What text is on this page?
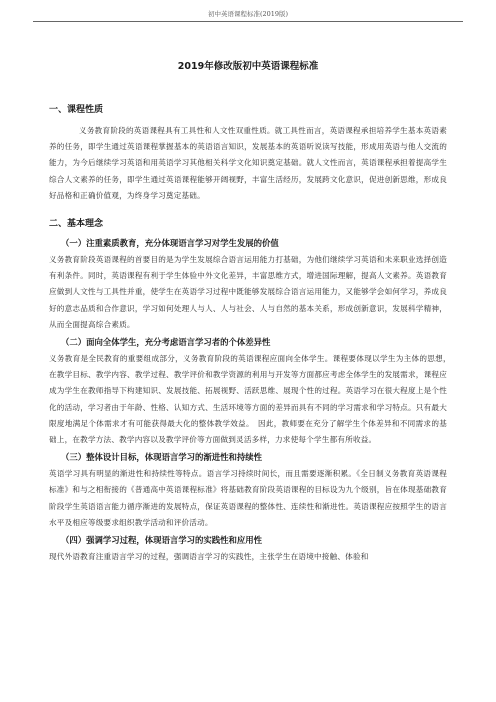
初中英语课程标准(2019版)
2019年修改版初中英语课程标准
一、课程性质

义务教育阶段的英语课程具有工具性和人文性双重性质。就工具性而言，英语课程承担培养学生基本英语素养的任务，即学生通过英语课程掌握基本的英语语言知识，发展基本的英语听说读写技能，形成用英语与他人交流的能力，为今后继续学习英语和用英语学习其他相关科学文化知识奠定基础。就人文性而言，英语课程承担着提高学生综合人文素养的任务，即学生通过英语课程能够开阔视野，丰富生活经历，发展跨文化意识，促进创新思维，形成良好品格和正确价值观，为终身学习奠定基础。

二、基本理念
（一）注重素质教育，充分体现语言学习对学生发展的价值

义务教育阶段英语课程的首要目的是为学生发展综合语言运用能力打基础，为他们继续学习英语和未来职业选择创造有利条件。同时，英语课程有利于学生体验中外文化差异，丰富思维方式，增进国际理解，提高人文素养。英语教育应做到人文性与工具性并重，使学生在英语学习过程中既能够发展综合语言运用能力，又能够学会如何学习，养成良好的意志品质和合作意识，学习如何处理人与人、人与社会、人与自然的基本关系，形成创新意识，发展科学精神，从而全面提高综合素质。

（二）面向全体学生，充分考虑语言学习者的个体差异性

义务教育是全民教育的重要组成部分，义务教育阶段的英语课程应面向全体学生。课程要体现以学生为主体的思想，　在教学目标、教学内容、教学过程、教学评价和教学资源的利用与开发等方面都应考虑全体学生的发展需求，课程应成为学生在教师指导下构建知识、发展技能、拓展视野、活跃思维、展现个性的过程。英语学习在很大程度上是个性化的活动，学习者由于年龄、性格、认知方式、生活环境等方面的差异而具有不同的学习需求和学习特点。只有最大限度地满足个体需求才有可能获得最大化的整体教学效益。　因此，教师要在充分了解学生个体差异和不同需求的基础上，在教学方法、教学内容以及教学评价等方面做到灵活多样，力求使每个学生都有所收益。

（三）整体设计目标，体现语言学习的渐进性和持续性

英语学习具有明显的渐进性和持续性等特点。语言学习持续时间长，而且需要逐渐积累。《全日制义务教育英语课程标准》和与之相衔接的《普通高中英语课程标准》将基础教育阶段英语课程的目标设为九个级别，旨在体现基础教育阶段学生英语语言能力循序渐进的发展特点，保证英语课程的整体性、连续性和渐进性。英语课程应按照学生的语言水平及相应等级要求组织教学活动和评价活动。

（四）强调学习过程，体现语言学习的实践性和应用性

现代外语教育注重语言学习的过程，强调语言学习的实践性，主张学生在语境中接触、体验和
